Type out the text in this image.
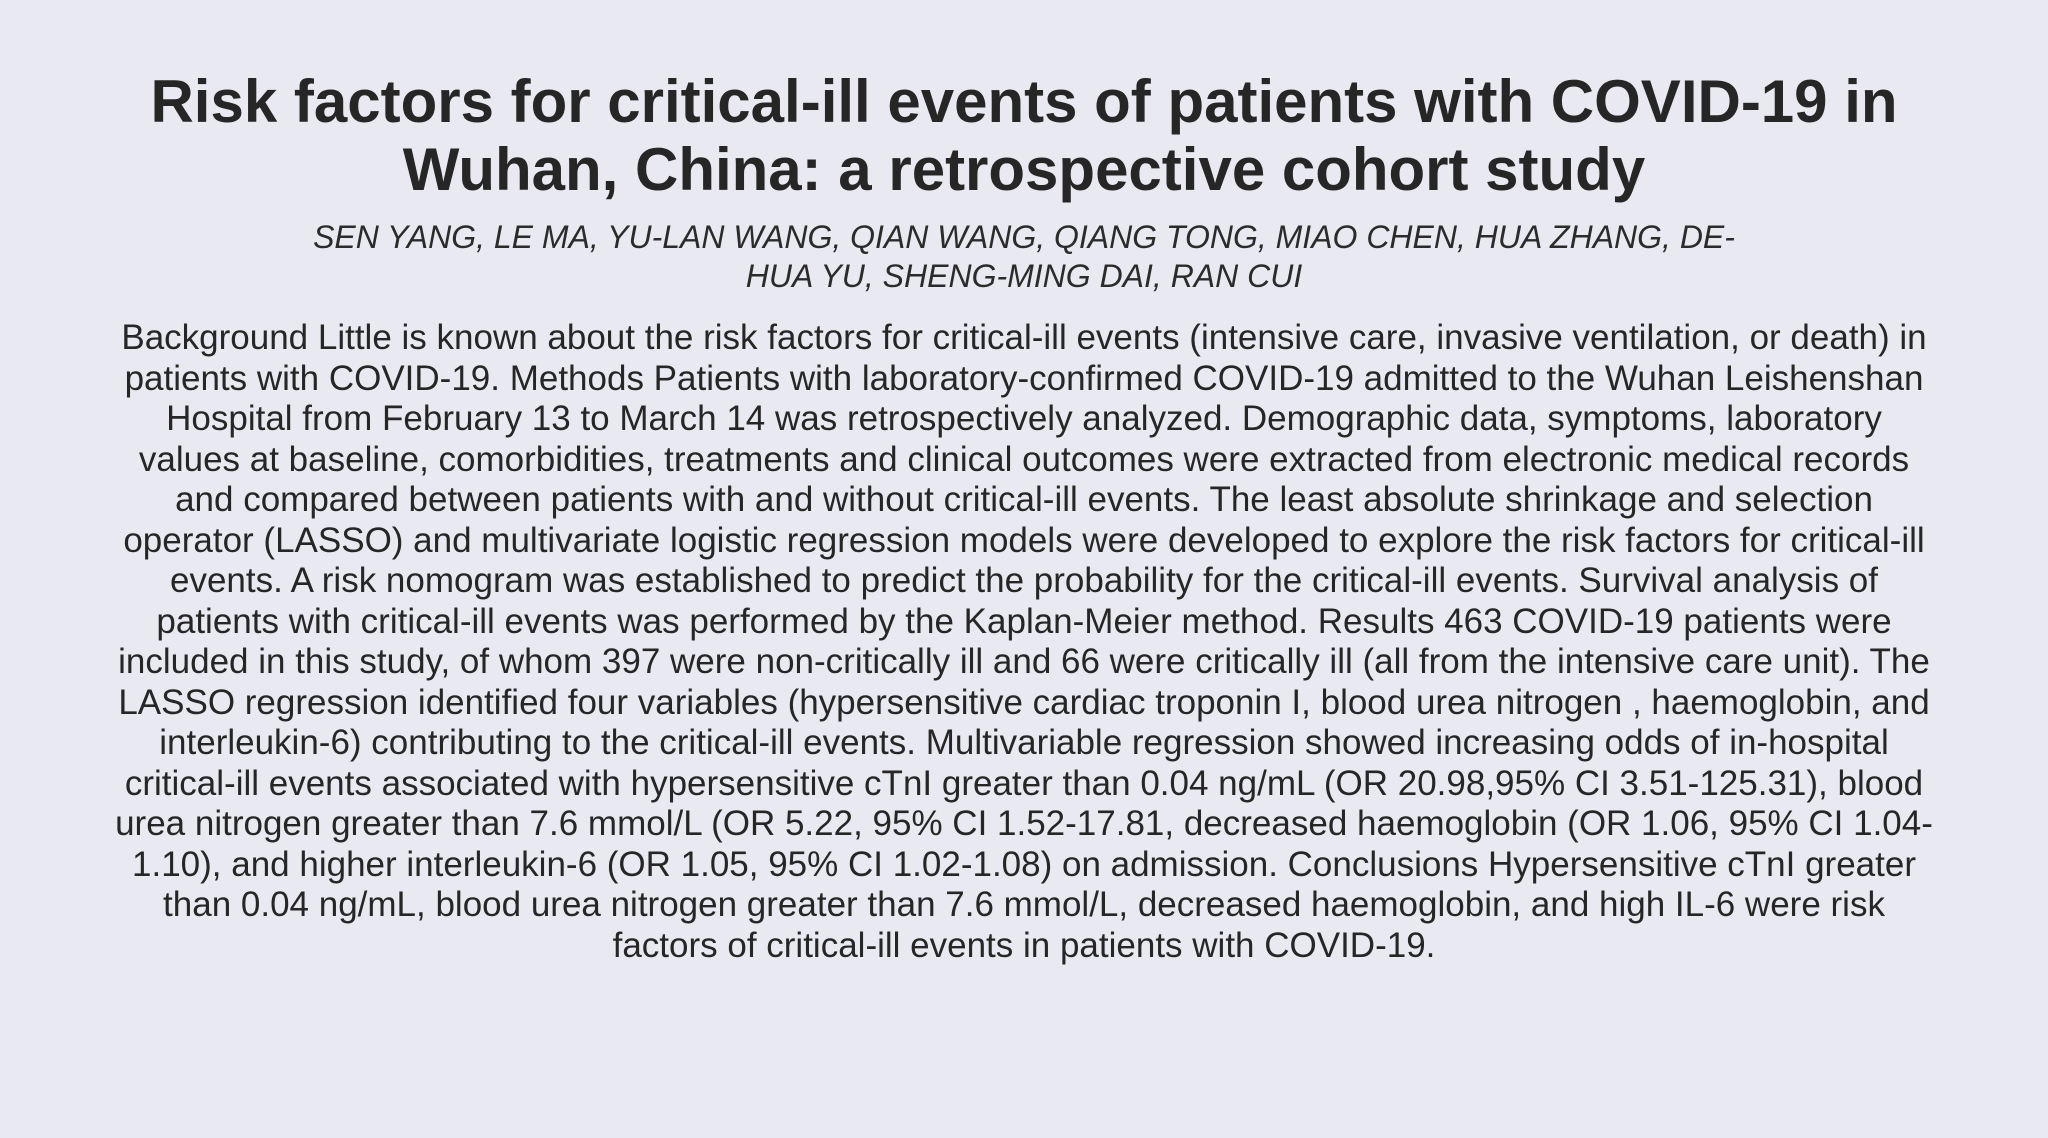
Risk factors for critical-ill events of patients with COVID-19 in Wuhan, China: a retrospective cohort study
SEN YANG, LE MA, YU-LAN WANG, QIAN WANG, QIANG TONG, MIAO CHEN, HUA ZHANG, DE-HUA YU, SHENG-MING DAI, RAN CUI

Background Little is known about the risk factors for critical-ill events (intensive care, invasive ventilation, or death) in patients with COVID-19. Methods Patients with laboratory-confirmed COVID-19 admitted to the Wuhan Leishenshan Hospital from February 13 to March 14 was retrospectively analyzed. Demographic data, symptoms, laboratory values at baseline, comorbidities, treatments and clinical outcomes were extracted from electronic medical records and compared between patients with and without critical-ill events. The least absolute shrinkage and selection operator (LASSO) and multivariate logistic regression models were developed to explore the risk factors for critical-ill events. A risk nomogram was established to predict the probability for the critical-ill events. Survival analysis of patients with critical-ill events was performed by the Kaplan-Meier method. Results 463 COVID-19 patients were included in this study, of whom 397 were non-critically ill and 66 were critically ill (all from the intensive care unit). The LASSO regression identified four variables (hypersensitive cardiac troponin I, blood urea nitrogen , haemoglobin, and interleukin-6) contributing to the critical-ill events. Multivariable regression showed increasing odds of in-hospital critical-ill events associated with hypersensitive cTnI greater than 0.04 ng/mL (OR 20.98,95% CI 3.51-125.31), blood urea nitrogen greater than 7.6 mmol/L (OR 5.22, 95% CI 1.52-17.81, decreased haemoglobin (OR 1.06, 95% CI 1.04-1.10), and higher interleukin-6 (OR 1.05, 95% CI 1.02-1.08) on admission. Conclusions Hypersensitive cTnI greater than 0.04 ng/mL, blood urea nitrogen greater than 7.6 mmol/L, decreased haemoglobin, and high IL-6 were risk factors of critical-ill events in patients with COVID-19.
